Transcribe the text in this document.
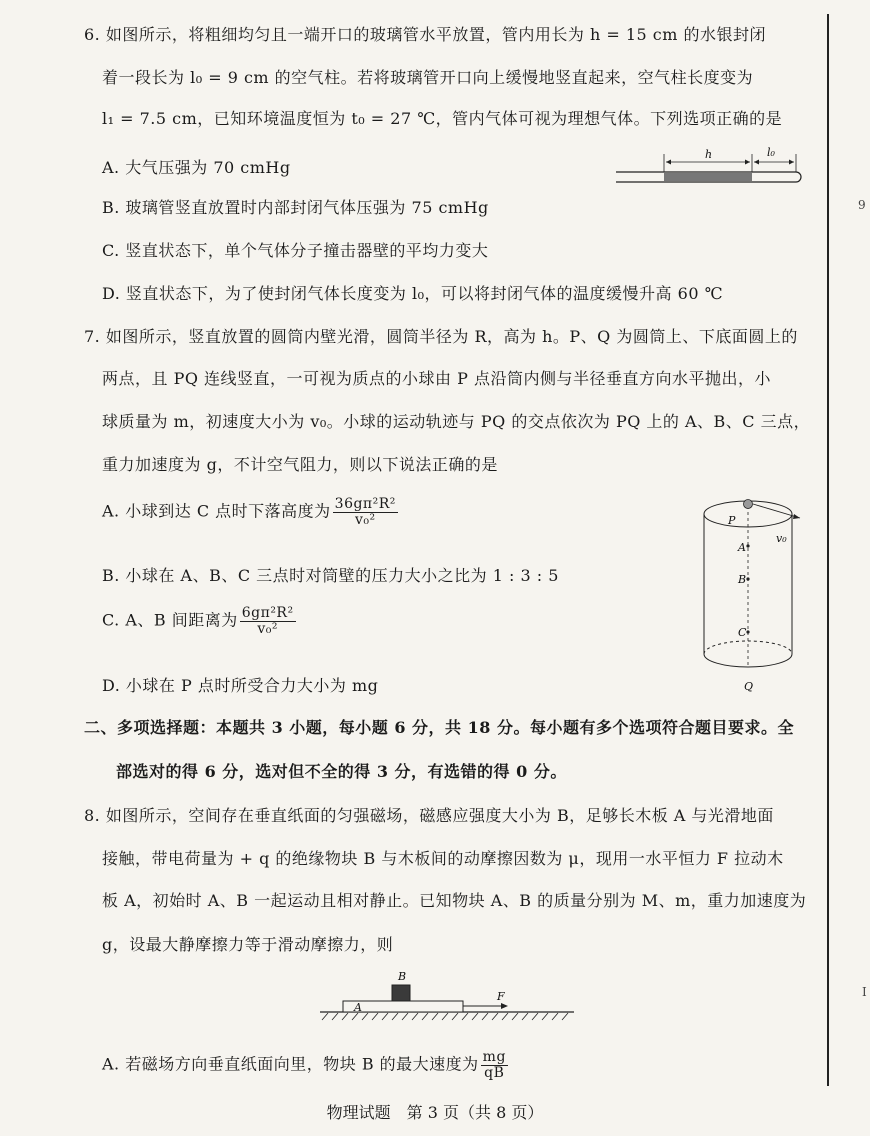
9
I
6. 如图所示，将粗细均匀且一端开口的玻璃管水平放置，管内用长为 h = 15 cm 的水银封闭
着一段长为 l₀ = 9 cm 的空气柱。若将玻璃管开口向上缓慢地竖直起来，空气柱长度变为
l₁ = 7.5 cm，已知环境温度恒为 t₀ = 27 ℃，管内气体可视为理想气体。下列选项正确的是
A. 大气压强为 70 cmHg
B. 玻璃管竖直放置时内部封闭气体压强为 75 cmHg
C. 竖直状态下，单个气体分子撞击器壁的平均力变大
D. 竖直状态下，为了使封闭气体长度变为 l₀，可以将封闭气体的温度缓慢升高 60 ℃
h	l₀
7. 如图所示，竖直放置的圆筒内壁光滑，圆筒半径为 R，高为 h。P、Q 为圆筒上、下底面圆上的
两点，且 PQ 连线竖直，一可视为质点的小球由 P 点沿筒内侧与半径垂直方向水平抛出，小
球质量为 m，初速度大小为 v₀。小球的运动轨迹与 PQ 的交点依次为 PQ 上的 A、B、C 三点，
重力加速度为 g，不计空气阻力，则以下说法正确的是
A. 小球到达 C 点时下落高度为 $\frac{\text{36gπ²R²}}{\text{v₀²}}$
B. 小球在 A、B、C 三点时对筒壁的压力大小之比为 1 : 3 : 5
C. A、B 间距离为 $\frac{\text{6gπ²R²}}{\text{v₀²}}$
D. 小球在 P 点时所受合力大小为 mg
P
v₀
A
B
C
Q
二、多项选择题：本题共 3 小题，每小题 6 分，共 18 分。每小题有多个选项符合题目要求。全
部选对的得 6 分，选对但不全的得 3 分，有选错的得 0 分。
8. 如图所示，空间存在垂直纸面的匀强磁场，磁感应强度大小为 B，足够长木板 A 与光滑地面
接触，带电荷量为 + q 的绝缘物块 B 与木板间的动摩擦因数为 μ，现用一水平恒力 F 拉动木
板 A，初始时 A、B 一起运动且相对静止。已知物块 A、B 的质量分别为 M、m，重力加速度为
g，设最大静摩擦力等于滑动摩擦力，则
A
B
F
A. 若磁场方向垂直纸面向里，物块 B 的最大速度为 $\frac{mg}{qB}$
物理试题　第 3 页（共 8 页）
